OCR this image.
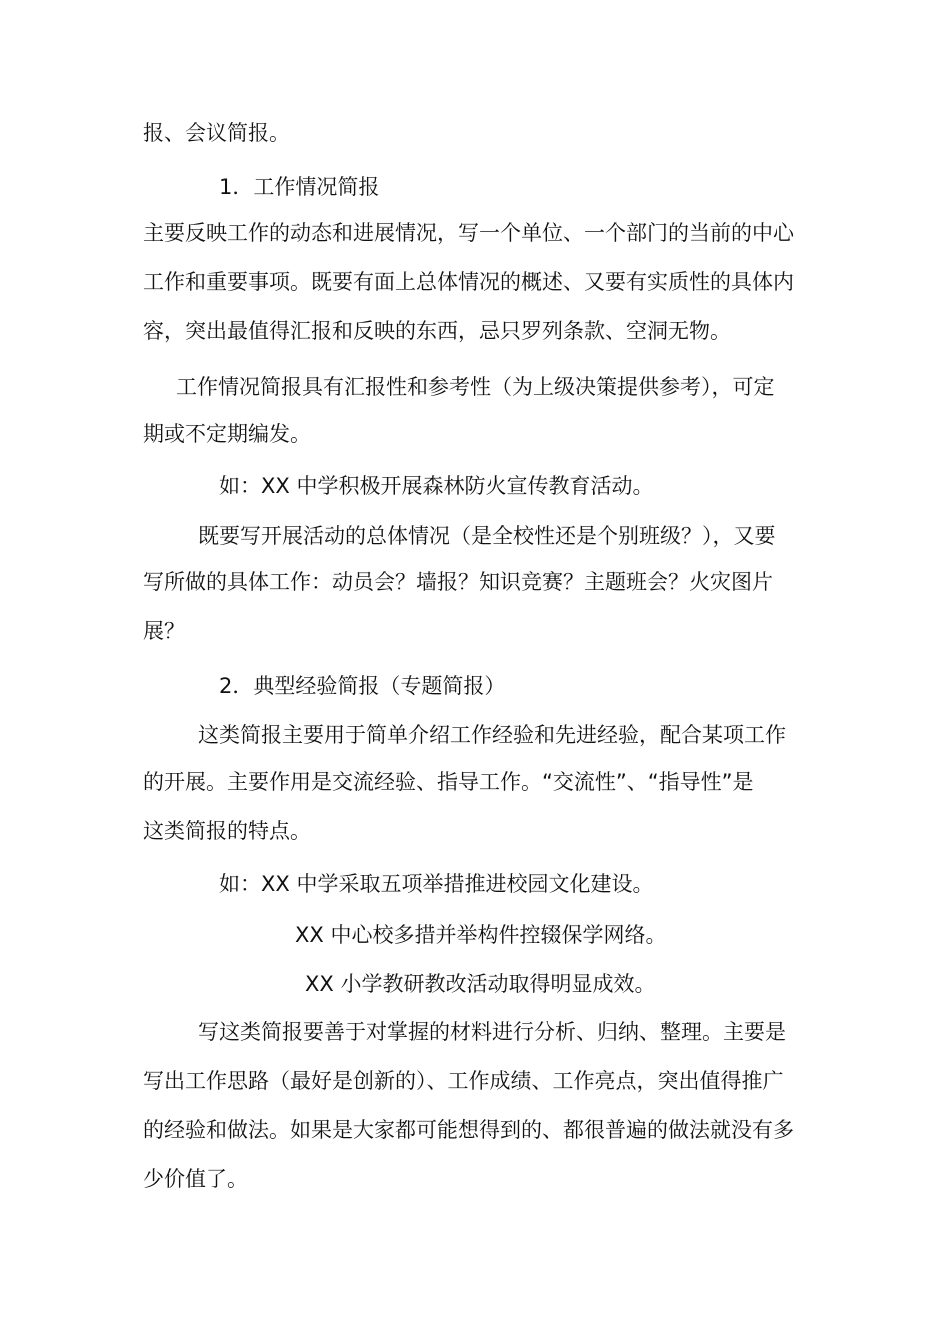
报、会议简报。
1．工作情况简报
主要反映工作的动态和进展情况，写一个单位、一个部门的当前的中心
工作和重要事项。既要有面上总体情况的概述、又要有实质性的具体内
容，突出最值得汇报和反映的东西，忌只罗列条款、空洞无物。
工作情况简报具有汇报性和参考性（为上级决策提供参考），可定
期或不定期编发。
如：XX 中学积极开展森林防火宣传教育活动。
既要写开展活动的总体情况（是全校性还是个别班级？），又要
写所做的具体工作：动员会？墙报？知识竞赛？主题班会？火灾图片
展？
2．典型经验简报（专题简报）
这类简报主要用于简单介绍工作经验和先进经验，配合某项工作
的开展。主要作用是交流经验、指导工作。“交流性”、“指导性”是
这类简报的特点。
如：XX 中学采取五项举措推进校园文化建设。
XX 中心校多措并举构件控辍保学网络。
XX 小学教研教改活动取得明显成效。
写这类简报要善于对掌握的材料进行分析、归纳、整理。主要是
写出工作思路（最好是创新的）、工作成绩、工作亮点，突出值得推广
的经验和做法。如果是大家都可能想得到的、都很普遍的做法就没有多
少价值了。
